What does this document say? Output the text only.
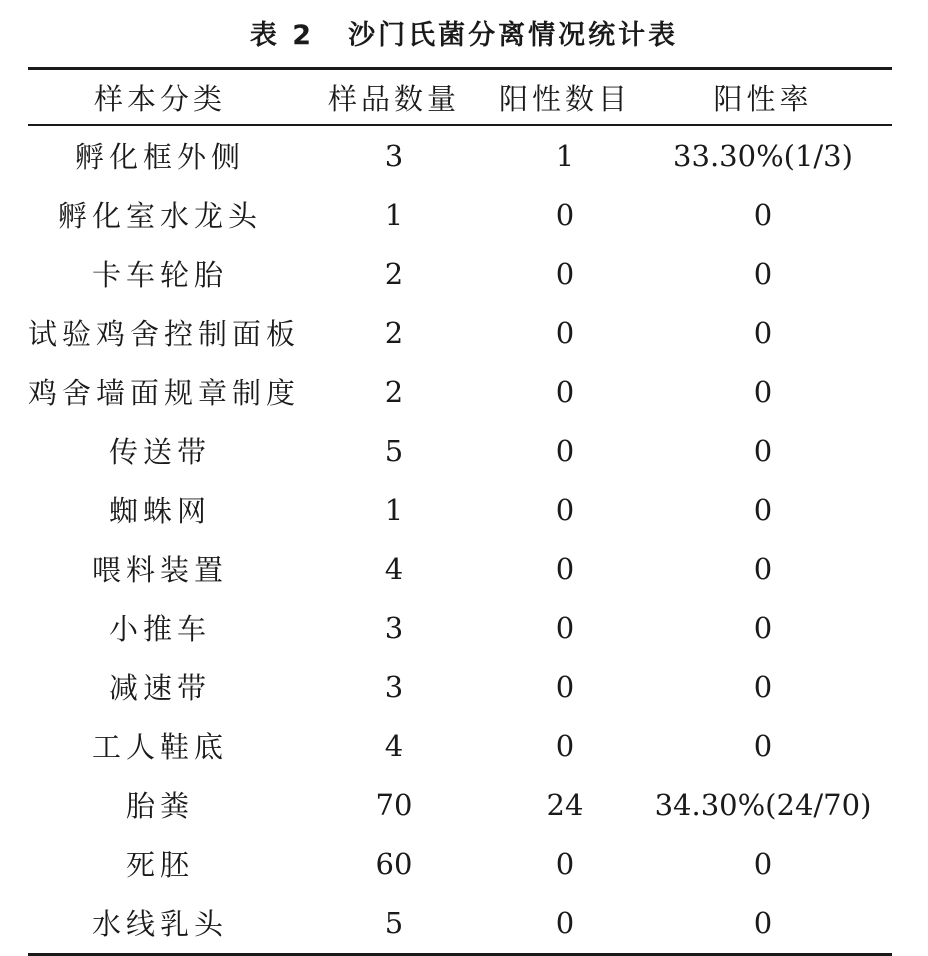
表 2 沙门氏菌分离情况统计表
样本分类	样品数量	阳性数目	阳性率
孵化框外侧	3	1	33.30%(1/3)
孵化室水龙头	1	0	0
卡车轮胎	2	0	0
试验鸡舍控制面板	2	0	0
鸡舍墙面规章制度	2	0	0
传送带	5	0	0
蜘蛛网	1	0	0
喂料装置	4	0	0
小推车	3	0	0
减速带	3	0	0
工人鞋底	4	0	0
胎粪	70	24	34.30%(24/70)
死胚	60	0	0
水线乳头	5	0	0
